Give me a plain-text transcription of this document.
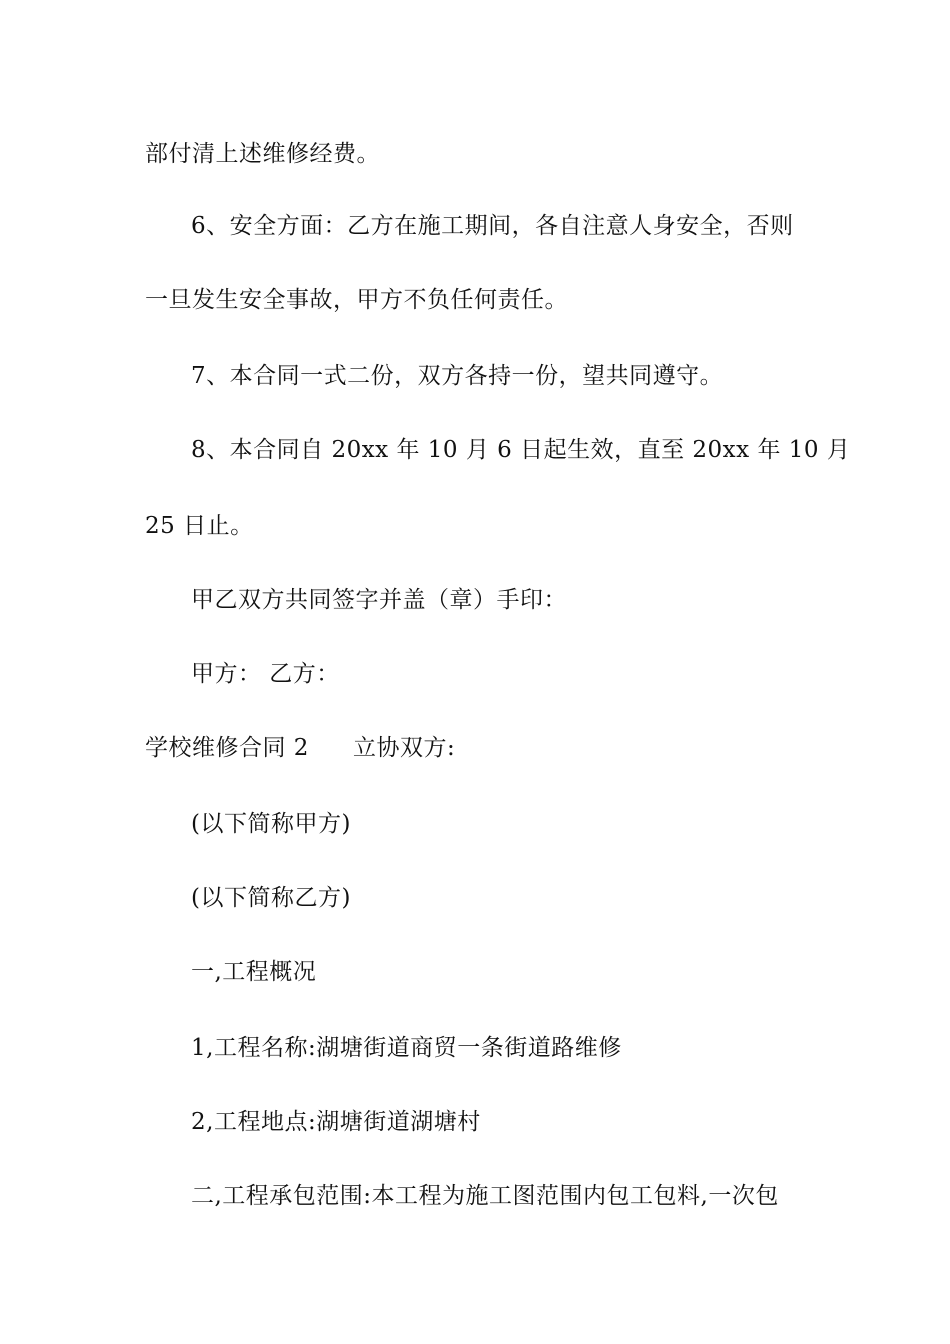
部付清上述维修经费。
6、安全方面：乙方在施工期间，各自注意人身安全，否则
一旦发生安全事故，甲方不负任何责任。
7、本合同一式二份，双方各持一份，望共同遵守。
8、本合同自 20xx 年 10 月 6 日起生效，直至 20xx 年 10 月
25 日止。
甲乙双方共同签字并盖（章）手印：
甲方： 乙方：
学校维修合同 2 立协双方:
(以下简称甲方)
(以下简称乙方)
一,工程概况
1,工程名称:湖塘街道商贸一条街道路维修
2,工程地点:湖塘街道湖塘村
二,工程承包范围:本工程为施工图范围内包工包料,一次包
